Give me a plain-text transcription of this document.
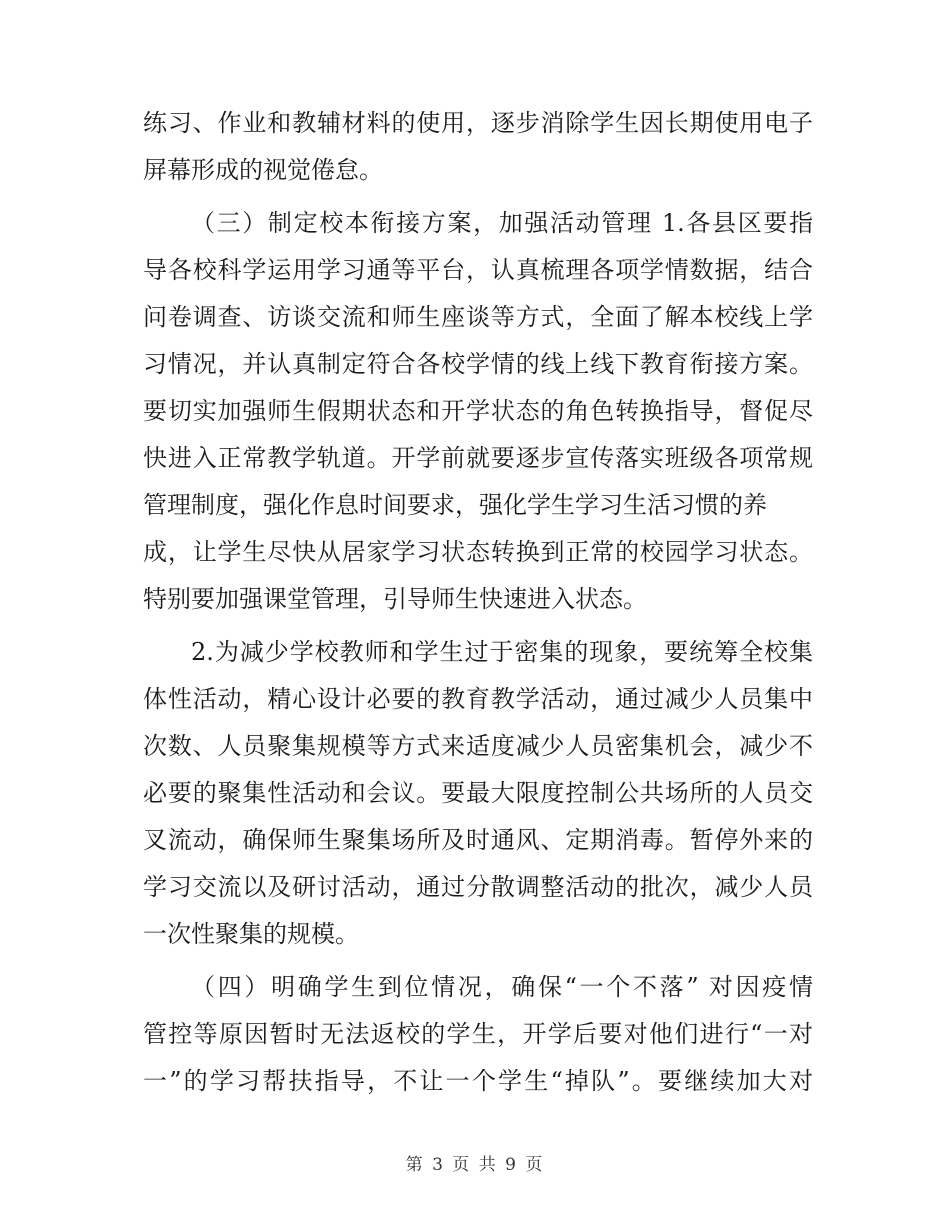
练习、作业和教辅材料的使用，逐步消除学生因长期使用电子
屏幕形成的视觉倦怠。
（三）制定校本衔接方案，加强活动管理 1.各县区要指
导各校科学运用学习通等平台，认真梳理各项学情数据，结合
问卷调查、访谈交流和师生座谈等方式，全面了解本校线上学
习情况，并认真制定符合各校学情的线上线下教育衔接方案。
要切实加强师生假期状态和开学状态的角色转换指导，督促尽
快进入正常教学轨道。开学前就要逐步宣传落实班级各项常规
管理制度，强化作息时间要求，强化学生学习生活习惯的养
成，让学生尽快从居家学习状态转换到正常的校园学习状态。
特别要加强课堂管理，引导师生快速进入状态。
2.为减少学校教师和学生过于密集的现象，要统筹全校集
体性活动，精心设计必要的教育教学活动，通过减少人员集中
次数、人员聚集规模等方式来适度减少人员密集机会，减少不
必要的聚集性活动和会议。要最大限度控制公共场所的人员交
叉流动，确保师生聚集场所及时通风、定期消毒。暂停外来的
学习交流以及研讨活动，通过分散调整活动的批次，减少人员
一次性聚集的规模。
（四）明确学生到位情况，确保“一个不落” 对因疫情
管控等原因暂时无法返校的学生，开学后要对他们进行“一对
一”的学习帮扶指导，不让一个学生“掉队”。要继续加大对
第 3 页 共 9 页
